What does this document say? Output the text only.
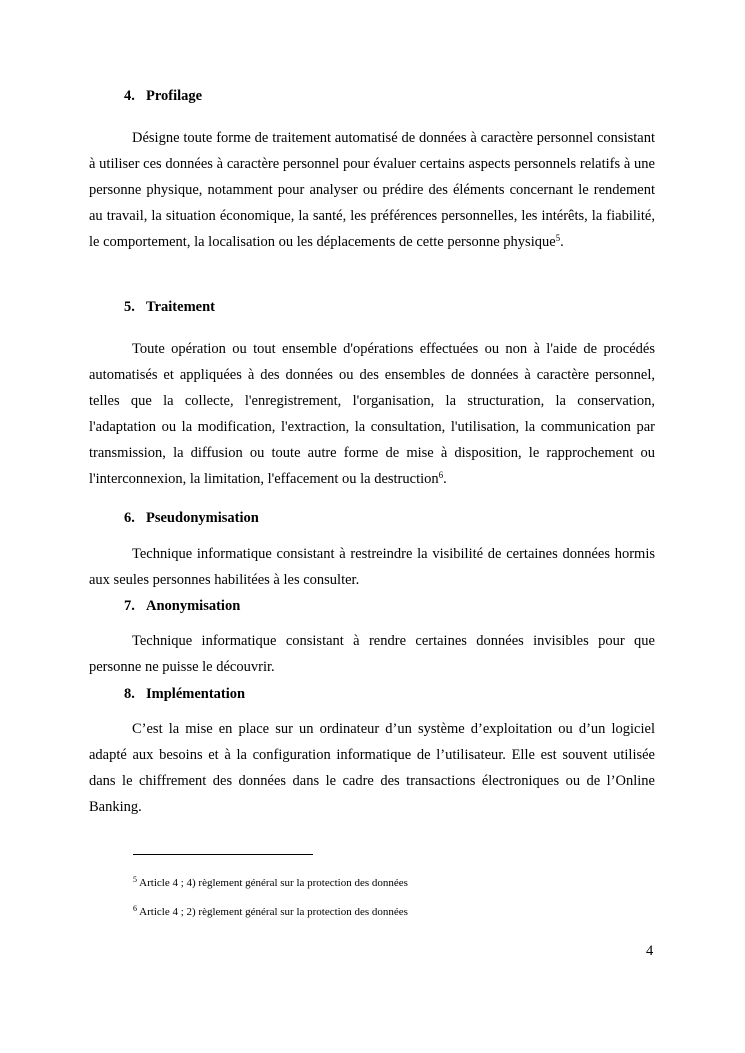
4. Profilage

Désigne toute forme de traitement automatisé de données à caractère personnel consistant à utiliser ces données à caractère personnel pour évaluer certains aspects personnels relatifs à une personne physique, notamment pour analyser ou prédire des éléments concernant le rendement au travail, la situation économique, la santé, les préférences personnelles, les intérêts, la fiabilité, le comportement, la localisation ou les déplacements de cette personne physique$^5$.

5. Traitement

Toute opération ou tout ensemble d'opérations effectuées ou non à l'aide de procédés automatisés et appliquées à des données ou des ensembles de données à caractère personnel, telles que la collecte, l'enregistrement, l'organisation, la structuration, la conservation, l'adaptation ou la modification, l'extraction, la consultation, l'utilisation, la communication par transmission, la diffusion ou toute autre forme de mise à disposition, le rapprochement ou l'interconnexion, la limitation, l'effacement ou la destruction$^6$.

6. Pseudonymisation

Technique informatique consistant à restreindre la visibilité de certaines données hormis aux seules personnes habilitées à les consulter.

7. Anonymisation

Technique informatique consistant à rendre certaines données invisibles pour que personne ne puisse le découvrir.

8. Implémentation

C’est la mise en place sur un ordinateur d’un système d’exploitation ou d’un logiciel adapté aux besoins et à la configuration informatique de l’utilisateur. Elle est souvent utilisée dans le chiffrement des données dans le cadre des transactions électroniques ou de l’Online Banking.

$^5$ Article 4 ; 4) règlement général sur la protection des données
$^6$ Article 4 ; 2) règlement général sur la protection des données
4
